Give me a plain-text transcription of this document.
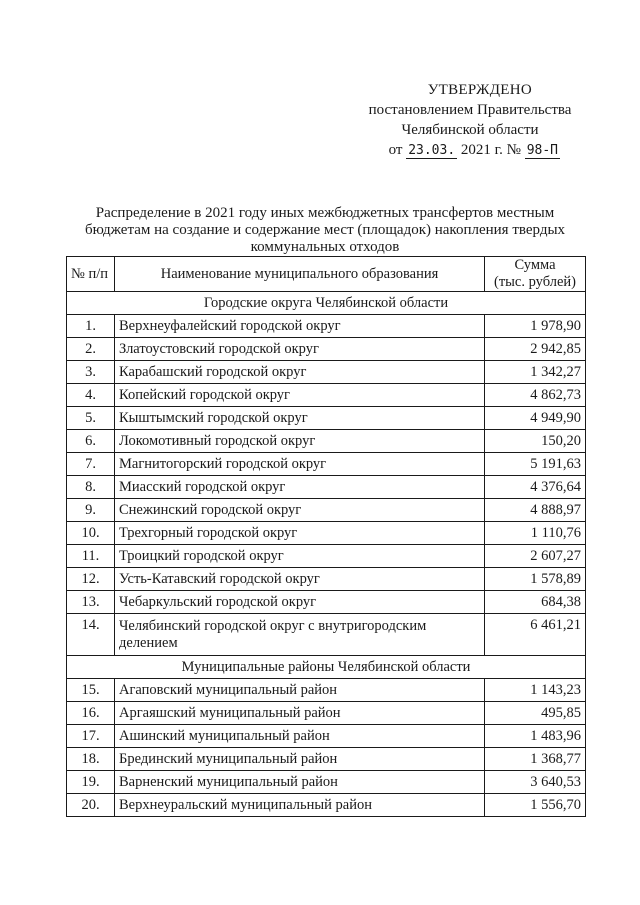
УТВЕРЖДЕНО
постановлением Правительства
Челябинской области
от 23.03. 2021 г. № 98-П
Распределение в 2021 году иных межбюджетных трансфертов местным бюджетам на создание и содержание мест (площадок) накопления твердых коммунальных отходов
№ п/п	Наименование муниципального образования	Сумма
(тыс. рублей)
Городские округа Челябинской области		
1.	Верхнеуфалейский городской округ	1 978,90
2.	Златоустовский городской округ	2 942,85
3.	Карабашский городской округ	1 342,27
4.	Копейский городской округ	4 862,73
5.	Кыштымский городской округ	4 949,90
6.	Локомотивный городской округ	150,20
7.	Магнитогорский городской округ	5 191,63
8.	Миасский городской округ	4 376,64
9.	Снежинский городской округ	4 888,97
10.	Трехгорный городской округ	1 110,76
11.	Троицкий городской округ	2 607,27
12.	Усть-Катавский городской округ	1 578,89
13.	Чебаркульский городской округ	684,38
14.	Челябинский городской округ с внутригородским делением	6 461,21
Муниципальные районы Челябинской области		
15.	Агаповский муниципальный район	1 143,23
16.	Аргаяшский муниципальный район	495,85
17.	Ашинский муниципальный район	1 483,96
18.	Брединский муниципальный район	1 368,77
19.	Варненский муниципальный район	3 640,53
20.	Верхнеуральский муниципальный район	1 556,70
